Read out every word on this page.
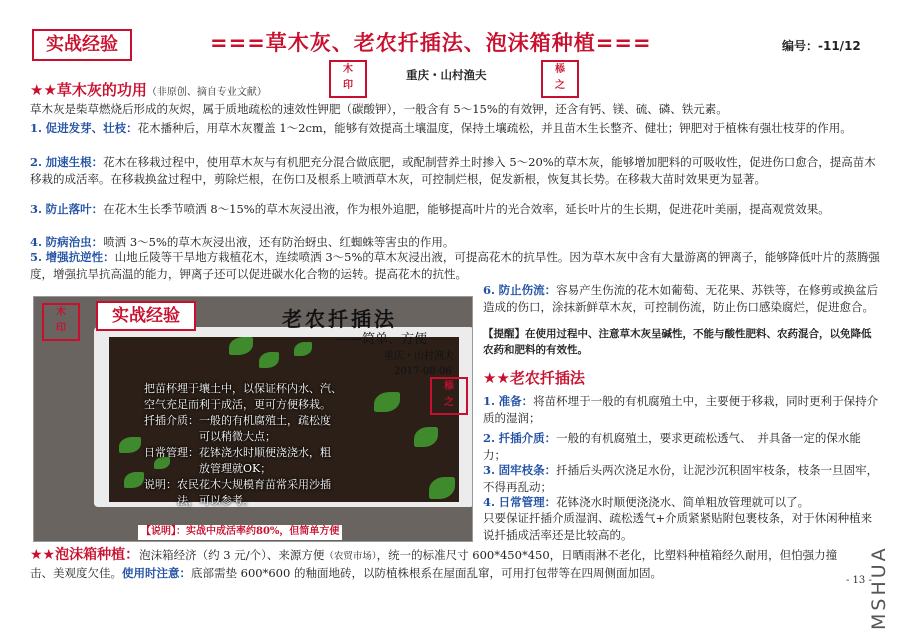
实战经验	===草木灰、老农扦插法、泡沫箱种植===	编号：-11/12
木
印
重庆・山村渔夫	㮇
之
★★草木灰的功用（非原创、摘自专业文献）
草木灰是柴草燃烧后形成的灰烬，属于质地疏松的速效性钾肥（碳酸钾），一般含有 5～15%的有效钾，还含有钙、镁、硫、磷、铁元素。
1. 促进发芽、壮枝：花木播种后，用草木灰覆盖 1～2cm，能够有效提高土壤温度，保持土壤疏松，并且苗木生长整齐、健壮；钾肥对于植株有强壮枝芽的作用。
2. 加速生根：花木在移栽过程中，使用草木灰与有机肥充分混合做底肥，或配制营养土时掺入 5～20%的草木灰，能够增加肥料的可吸收性，促进伤口愈合，提高苗木移栽的成活率。在移栽换盆过程中，剪除烂根，在伤口及根系上喷洒草木灰，可控制烂根，促发新根，恢复其长势。在移栽大苗时效果更为显著。
3. 防止落叶：在花木生长季节喷洒 8～15%的草木灰浸出液，作为根外追肥，能够提高叶片的光合效率，延长叶片的生长期，促进花叶美丽，提高观赏效果。
4. 防病治虫：喷洒 3～5%的草木灰浸出液，还有防治蚜虫、红蜘蛛等害虫的作用。
5. 增强抗逆性：山地丘陵等干旱地方栽植花木，连续喷洒 3～5%的草木灰浸出液，可提高花木的抗旱性。因为草木灰中含有大量游离的钾离子，能够降低叶片的蒸腾强度，增强抗旱抗高温的能力，钾离子还可以促进碳水化合物的运转。提高花木的抗性。
实战经验
木
印	老农扦插法
——简单、方便
重庆・山村渔夫
2017-08-06
㮇
之
把苗杯埋于壤土中，以保证杯内水、汽、
空气充足而利于成活，更可方便移栽。
扦插介质：一般的有机腐殖土，疏松度
　　　　　可以稍微大点；
日常管理：花钵浇水时顺便浇浇水，粗
　　　　　放管理就OK；
说明：农民花木大规模育苗常采用沙插
　　　法，可以参考。
【说明】：实战中成活率约80%，但简单方便
6. 防止伤流：容易产生伤流的花木如葡萄、无花果、苏铁等，在修剪或换盆后造成的伤口，涂抹新鲜草木灰，可控制伤流，防止伤口感染腐烂，促进愈合。
【提醒】在使用过程中、注意草木灰呈碱性，不能与酸性肥料、农药混合，以免降低农药和肥料的有效性。
★★老农扦插法
1. 准备：将苗杯埋于一般的有机腐殖土中，主要便于移栽，同时更利于保持介质的湿润；
2. 扦插介质：一般的有机腐殖土，要求更疏松透气、　并具备一定的保水能力；
3. 固牢枝条：扦插后头两次浇足水份，让泥沙沉积固牢枝条，枝条一旦固牢，不得再乱动；
4. 日常管理：花钵浇水时顺便浇浇水、简单粗放管理就可以了。
只要保证扦插介质湿润、疏松透气+介质紧紧贴附包裹枝条，对于休闲种植来说扦插成活率还是比较高的。
★★泡沫箱种植：泡沫箱经济（约 3 元/个）、来源方便（农贸市场），统一的标准尺寸 600*450*450，日晒雨淋不老化，比塑料种植箱经久耐用，但怕强力撞击、美观度欠佳。使用时注意：底部需垫 600*600 的釉面地砖，以防植株根系在屋面乱窜，可用打包带等在四周侧面加固。
- 13 -
MSHUA
